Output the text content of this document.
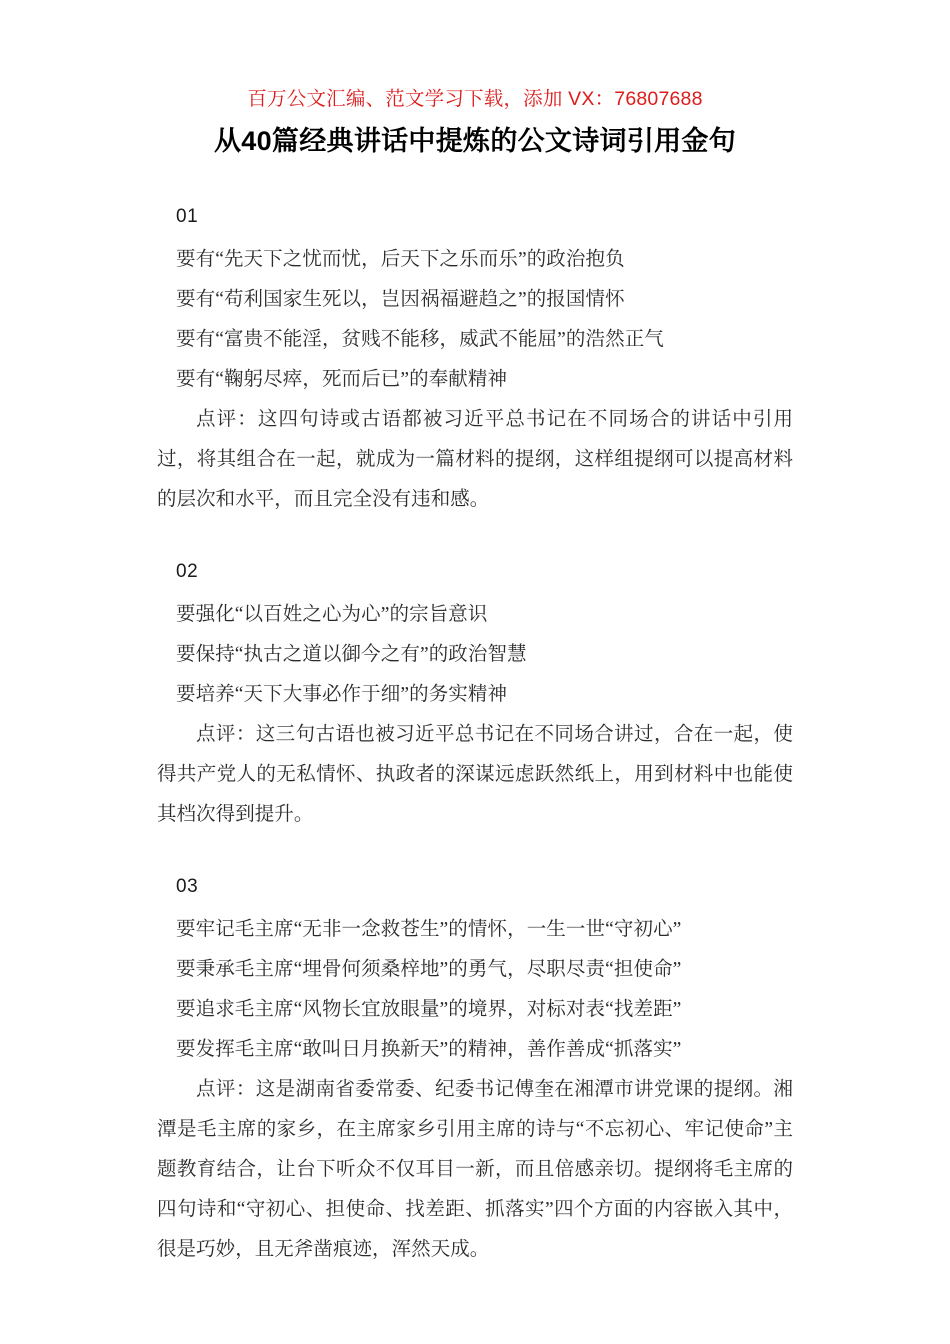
百万公文汇编、范文学习下载，添加 VX：76807688
从40篇经典讲话中提炼的公文诗词引用金句
01
要有“先天下之忧而忧，后天下之乐而乐”的政治抱负
要有“苟利国家生死以，岂因祸福避趋之”的报国情怀
要有“富贵不能淫，贫贱不能移，威武不能屈”的浩然正气
要有“鞠躬尽瘁，死而后已”的奉献精神

点评：这四句诗或古语都被习近平总书记在不同场合的讲话中引用过，将其组合在一起，就成为一篇材料的提纲，这样组提纲可以提高材料的层次和水平，而且完全没有违和感。

02
要强化“以百姓之心为心”的宗旨意识
要保持“执古之道以御今之有”的政治智慧
要培养“天下大事必作于细”的务实精神

点评：这三句古语也被习近平总书记在不同场合讲过，合在一起，使得共产党人的无私情怀、执政者的深谋远虑跃然纸上，用到材料中也能使其档次得到提升。

03
要牢记毛主席“无非一念救苍生”的情怀，一生一世“守初心”
要秉承毛主席“埋骨何须桑梓地”的勇气，尽职尽责“担使命”
要追求毛主席“风物长宜放眼量”的境界，对标对表“找差距”
要发挥毛主席“敢叫日月换新天”的精神，善作善成“抓落实”

点评：这是湖南省委常委、纪委书记傅奎在湘潭市讲党课的提纲。湘潭是毛主席的家乡，在主席家乡引用主席的诗与“不忘初心、牢记使命”主题教育结合，让台下听众不仅耳目一新，而且倍感亲切。提纲将毛主席的四句诗和“守初心、担使命、找差距、抓落实”四个方面的内容嵌入其中，很是巧妙，且无斧凿痕迹，浑然天成。
